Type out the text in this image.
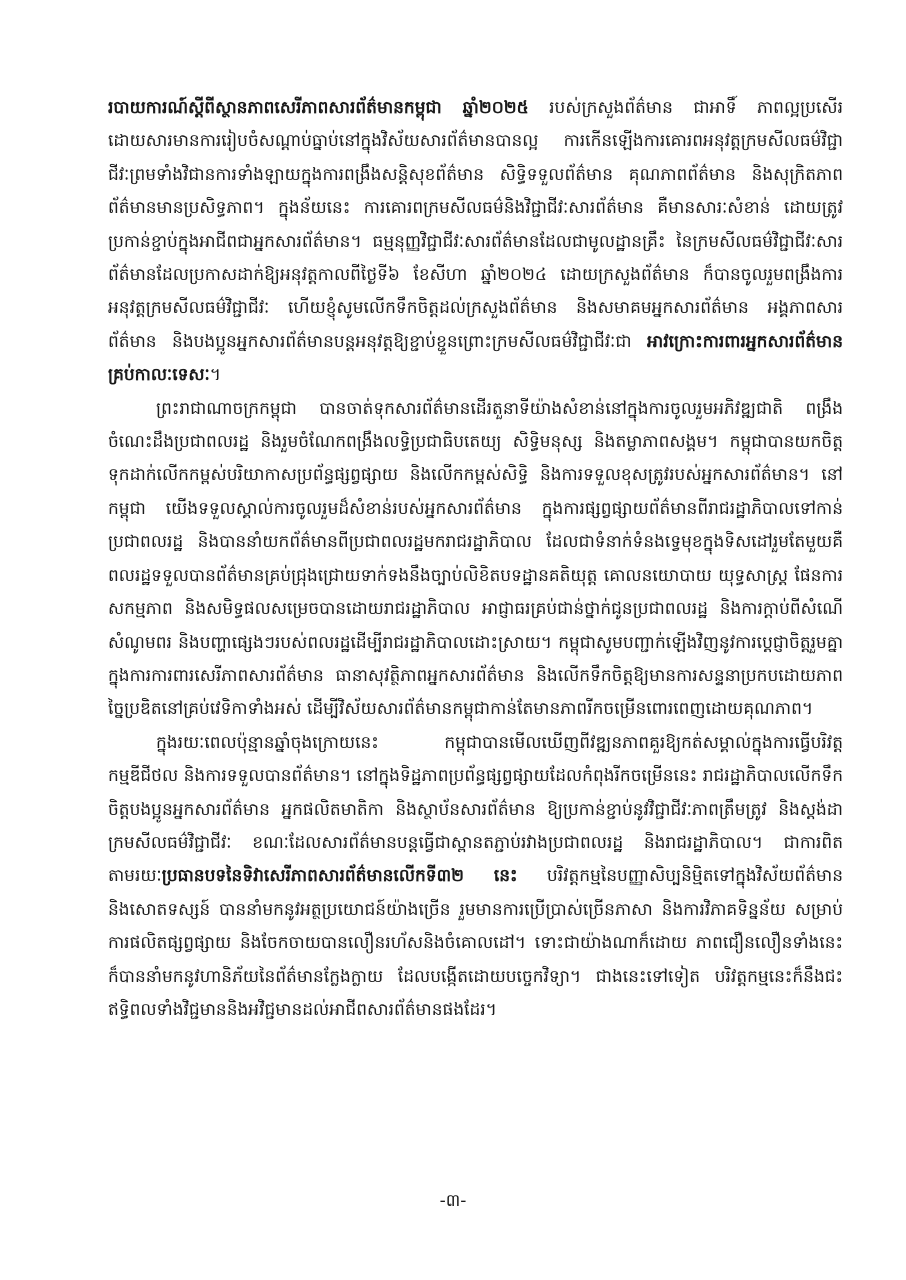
របាយការណ៍ស្តីពីស្ថានភាពសេរីភាពសារព័ត៌មានកម្ពុជា ឆ្នាំ២០២៥ របស់ក្រសួងព័ត៌មាន ជាអាទិ៍ ភាពល្អប្រសើរដោយសារមានការរៀបចំសណ្តាប់ធ្នាប់នៅក្នុងវិស័យសារព័ត៌មានបានល្អ ការកើនឡើងការគោរពអនុវត្តក្រមសីលធម៌វិជ្ជាជីវៈព្រមទាំងវិជានការទាំងឡាយក្នុងការពង្រឹងសន្តិសុខព័ត៌មាន សិទ្ធិទទួលព័ត៌មាន គុណភាពព័ត៌មាន និងសុក្រិតភាពព័ត៌មានមានប្រសិទ្ធភាព។ ក្នុងន័យនេះ ការគោរពក្រមសីលធម៌និងវិជ្ជាជីវៈសារព័ត៌មាន គឺមានសារៈសំខាន់ ដោយត្រូវប្រកាន់ខ្ជាប់ក្នុងអាជីពជាអ្នកសារព័ត៌មាន។ ធម្មនុញ្ញវិជ្ជាជីវៈសារព័ត៌មានដែលជាមូលដ្ឋានគ្រឹះ នៃក្រមសីលធម៌វិជ្ជាជីវៈសារព័ត៌មានដែលប្រកាសដាក់ឱ្យអនុវត្តកាលពីថ្ងៃទី៦ ខែសីហា ឆ្នាំ២០២៤ ដោយក្រសួងព័ត៌មាន ក៏បានចូលរួមពង្រឹងការអនុវត្តក្រមសីលធម៌វិជ្ជាជីវៈ ហើយខ្ញុំសូមលើកទឹកចិត្តដល់ក្រសួងព័ត៌មាន និងសមាគមអ្នកសារព័ត៌មាន អង្គភាពសារព័ត៌មាន និងបងប្អូនអ្នកសារព័ត៌មានបន្តអនុវត្តឱ្យខ្ជាប់ខ្ជួនព្រោះក្រមសីលធម៌វិជ្ជាជីវៈជា អាវក្រោះការពារអ្នកសារព័ត៌មានគ្រប់កាលៈទេសៈ។

ព្រះរាជាណាចក្រកម្ពុជា បានចាត់ទុកសារព័ត៌មានដើរតួនាទីយ៉ាងសំខាន់នៅក្នុងការចូលរួមអភិវឌ្ឍជាតិ ពង្រឹងចំណេះដឹងប្រជាពលរដ្ឋ និងរួមចំណែកពង្រឹងលទ្ធិប្រជាធិបតេយ្យ សិទ្ធិមនុស្ស និងតម្លាភាពសង្គម។ កម្ពុជាបានយកចិត្តទុកដាក់លើកកម្ពស់បរិយាកាសប្រព័ន្ធផ្សព្វផ្សាយ និងលើកកម្ពស់សិទ្ធិ និងការទទួលខុសត្រូវរបស់អ្នកសារព័ត៌មាន។ នៅកម្ពុជា យើងទទួលស្គាល់ការចូលរួមដ៏សំខាន់របស់អ្នកសារព័ត៌មាន ក្នុងការផ្សព្វផ្សាយព័ត៌មានពីរាជរដ្ឋាភិបាលទៅកាន់ប្រជាពលរដ្ឋ និងបាននាំយកព័ត៌មានពីប្រជាពលរដ្ឋមករាជរដ្ឋាភិបាល ដែលជាទំនាក់ទំនងទ្វេមុខក្នុងទិសដៅរួមតែមួយគឺពលរដ្ឋទទួលបានព័ត៌មានគ្រប់ជ្រុងជ្រោយទាក់ទងនឹងច្បាប់លិខិតបទដ្ឋានគតិយុត្ត គោលនយោបាយ យុទ្ធសាស្ត្រ ផែនការសកម្មភាព និងសមិទ្ធផលសម្រេចបានដោយរាជរដ្ឋាភិបាល អាជ្ញាធរគ្រប់ជាន់ថ្នាក់ជូនប្រជាពលរដ្ឋ និងការក្តាប់ពីសំណើសំណូមពរ និងបញ្ហាផ្សេងៗរបស់ពលរដ្ឋដើម្បីរាជរដ្ឋាភិបាលដោះស្រាយ។ កម្ពុជាសូមបញ្ជាក់ឡើងវិញនូវការប្តេជ្ញាចិត្តរួមគ្នា ក្នុងការការពារសេរីភាពសារព័ត៌មាន ធានាសុវត្ថិភាពអ្នកសារព័ត៌មាន និងលើកទឹកចិត្តឱ្យមានការសន្ទនាប្រកបដោយភាពច្នៃប្រឌិតនៅគ្រប់វេទិកាទាំងអស់ ដើម្បីវិស័យសារព័ត៌មានកម្ពុជាកាន់តែមានភាពរីកចម្រើនពោរពេញដោយគុណភាព។

ក្នុងរយៈពេលប៉ុន្មានឆ្នាំចុងក្រោយនេះ កម្ពុជាបានមើលឃើញពីវឌ្ឍនភាពគួរឱ្យកត់សម្គាល់ក្នុងការធ្វើបរិវត្តកម្មឌីជីថល និងការទទួលបានព័ត៌មាន។ នៅក្នុងទិដ្ឋភាពប្រព័ន្ធផ្សព្វផ្សាយដែលកំពុងរីកចម្រើននេះ រាជរដ្ឋាភិបាលលើកទឹកចិត្តបងប្អូនអ្នកសារព័ត៌មាន អ្នកផលិតមាតិកា និងស្ថាប័នសារព័ត៌មាន ឱ្យប្រកាន់ខ្ជាប់នូវវិជ្ជាជីវៈភាពត្រឹមត្រូវ និងស្តង់ដាក្រមសីលធម៌វិជ្ជាជីវៈ ខណៈដែលសារព័ត៌មានបន្តធ្វើជាស្ពានតភ្ជាប់រវាងប្រជាពលរដ្ឋ និងរាជរដ្ឋាភិបាល។ ជាការពិត តាមរយៈប្រធានបទនៃទិវាសេរីភាពសារព័ត៌មានលើកទី៣២ នេះ បរិវត្តកម្មនៃបញ្ញាសិប្បនិម្មិតទៅក្នុងវិស័យព័ត៌មាននិងសោតទស្សន៍ បាននាំមកនូវអត្ថប្រយោជន៍យ៉ាងច្រើន រួមមានការប្រើប្រាស់ច្រើនភាសា និងការវិភាគទិន្នន័យ សម្រាប់ការផលិតផ្សព្វផ្សាយ និងចែកចាយបានលឿនរហ័សនិងចំគោលដៅ។ ទោះជាយ៉ាងណាក៏ដោយ ភាពជឿនលឿនទាំងនេះក៏បាននាំមកនូវហានិភ័យនៃព័ត៌មានក្លែងក្លាយ ដែលបង្កើតដោយបច្ចេកវិទ្យា។ ជាងនេះទៅទៀត បរិវត្តកម្មនេះក៏នឹងជះឥទ្ធិពលទាំងវិជ្ជមាននិងអវិជ្ជមានដល់អាជីពសារព័ត៌មានផងដែរ។

-៣-
